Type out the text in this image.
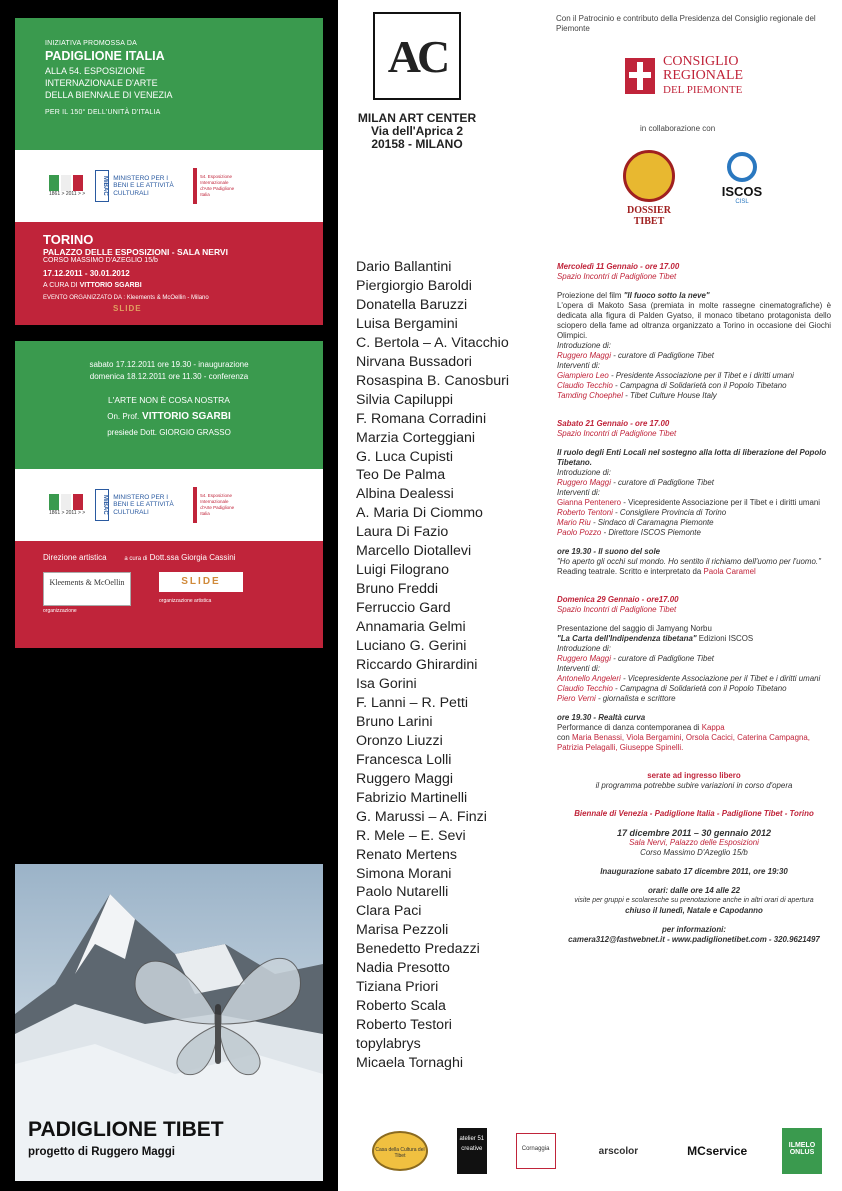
INIZIATIVA PROMOSSA DA
PADIGLIONE ITALIA
ALLA 54. ESPOSIZIONE
INTERNAZIONALE D'ARTE
DELLA BIENNALE DI VENEZIA
PER IL 150° DELL'UNITÀ D'ITALIA
1861 > 2011 > >	MiBAC MINISTERO PER I BENI E LE ATTIVITÀ CULTURALI
54. Esposizione Internazionale d'Arte Padiglione Italia
TORINO
PALAZZO DELLE ESPOSIZIONI - SALA NERVI
CORSO MASSIMO D'AZEGLIO 15/b
17.12.2011 - 30.01.2012
A CURA DI VITTORIO SGARBI
EVENTO ORGANIZZATO DA : Kleements & McOellin - Milano
SLIDE
sabato 17.12.2011 ore 19.30 - inaugurazione
domenica 18.12.2011 ore 11.30 - conferenza
L'ARTE NON È COSA NOSTRA
On. Prof. VITTORIO SGARBI
presiede Dott. GIORGIO GRASSO
1861 > 2011 > >	MiBAC MINISTERO PER I BENI E LE ATTIVITÀ CULTURALI
54. Esposizione Internazionale d'Arte Padiglione Italia
Direzione artistica	a cura di Dott.ssa Giorgia Cassini
Kleements & McOellin
organizzazione
SLIDE
organizzazione artistica
PADIGLIONE TIBET
progetto di Ruggero Maggi
AC
MILAN ART CENTER
Via dell'Aprica 2
20158 - MILANO
Con il Patrocinio e contributo della Presidenza del Consiglio regionale del Piemonte
CONSIGLIO
REGIONALE
DEL PIEMONTE
in collaborazione con
DOSSIER TIBET
ISCOS
CISL
Dario Ballantini
Piergiorgio Baroldi
Donatella Baruzzi
Luisa Bergamini
C. Bertola – A. Vitacchio
Nirvana Bussadori
Rosaspina B. Canosburi
Silvia Capiluppi
F. Romana Corradini
Marzia Corteggiani
G. Luca Cupisti
Teo De Palma
Albina Dealessi
A. Maria Di Ciommo
Laura Di Fazio
Marcello Diotallevi
Luigi Filograno
Bruno Freddi
Ferruccio Gard
Annamaria Gelmi
Luciano G. Gerini
Riccardo Ghirardini
Isa Gorini
F. Lanni – R. Petti
Bruno Larini
Oronzo Liuzzi
Francesca Lolli
Ruggero Maggi
Fabrizio Martinelli
G. Marussi – A. Finzi
R. Mele – E. Sevi
Renato Mertens
Simona Morani
Paolo Nutarelli
Clara Paci
Marisa Pezzoli
Benedetto Predazzi
Nadia Presotto
Tiziana Priori
Roberto Scala
Roberto Testori
topylabrys
Micaela Tornaghi

Mercoledì 11 Gennaio - ore 17.00

Spazio Incontri di Padiglione Tibet

Proiezione del film "Il fuoco sotto la neve"

L'opera di Makoto Sasa (premiata in molte rassegne cinematografiche) è dedicata alla figura di Palden Gyatso, il monaco tibetano protagonista dello sciopero della fame ad oltranza organizzato a Torino in occasione dei Giochi Olimpici.

Introduzione di:

Ruggero Maggi - curatore di Padiglione Tibet

Interventi di:

Giampiero Leo - Presidente Associazione per il Tibet e i diritti umani

Claudio Tecchio - Campagna di Solidarietà con il Popolo Tibetano

Tamding Choephel - Tibet Culture House Italy

Sabato 21 Gennaio - ore 17.00

Spazio Incontri di Padiglione Tibet

Il ruolo degli Enti Locali nel sostegno alla lotta di liberazione del Popolo Tibetano.

Introduzione di:

Ruggero Maggi - curatore di Padiglione Tibet

Interventi di:

Gianna Pentenero - Vicepresidente Associazione per il Tibet e i diritti umani

Roberto Tentoni - Consigliere Provincia di Torino

Mario Riu - Sindaco di Caramagna Piemonte

Paolo Pozzo - Direttore ISCOS Piemonte

ore 19.30 - Il suono del sole

"Ho aperto gli occhi sul mondo. Ho sentito il richiamo dell'uomo per l'uomo."

Reading teatrale. Scritto e interpretato da Paola Caramel

Domenica 29 Gennaio - ore17.00

Spazio Incontri di Padiglione Tibet

Presentazione del saggio di Jamyang Norbu

"La Carta dell'Indipendenza tibetana" Edizioni ISCOS

Introduzione di:

Ruggero Maggi - curatore di Padiglione Tibet

Interventi di:

Antonello Angeleri - Vicepresidente Associazione per il Tibet e i diritti umani

Claudio Tecchio - Campagna di Solidarietà con il Popolo Tibetano

Piero Verni - giornalista e scrittore

ore 19.30 - Realtà curva

Performance di danza contemporanea di Kappa

con Maria Benassi, Viola Bergamini, Orsola Cacici, Caterina Campagna, Patrizia Pelagalli, Giuseppe Spinelli.

serate ad ingresso libero

il programma potrebbe subire variazioni in corso d'opera

Biennale di Venezia - Padiglione Italia - Padiglione Tibet - Torino

17 dicembre 2011 – 30 gennaio 2012

Sala Nervi, Palazzo delle Esposizioni

Corso Massimo D'Azeglio 15/b

Inaugurazione sabato 17 dicembre 2011, ore 19:30

orari: dalle ore 14 alle 22

visite per gruppi e scolaresche su prenotazione anche in altri orari di apertura

chiuso il lunedì, Natale e Capodanno

per informazioni:

camera312@fastwebnet.it - www.padiglionetibet.com - 320.9621497

Casa della Cultura del Tibet
atelier 51 creative	Cornaggia	arscolor	MCservice	ILMELO ONLUS
